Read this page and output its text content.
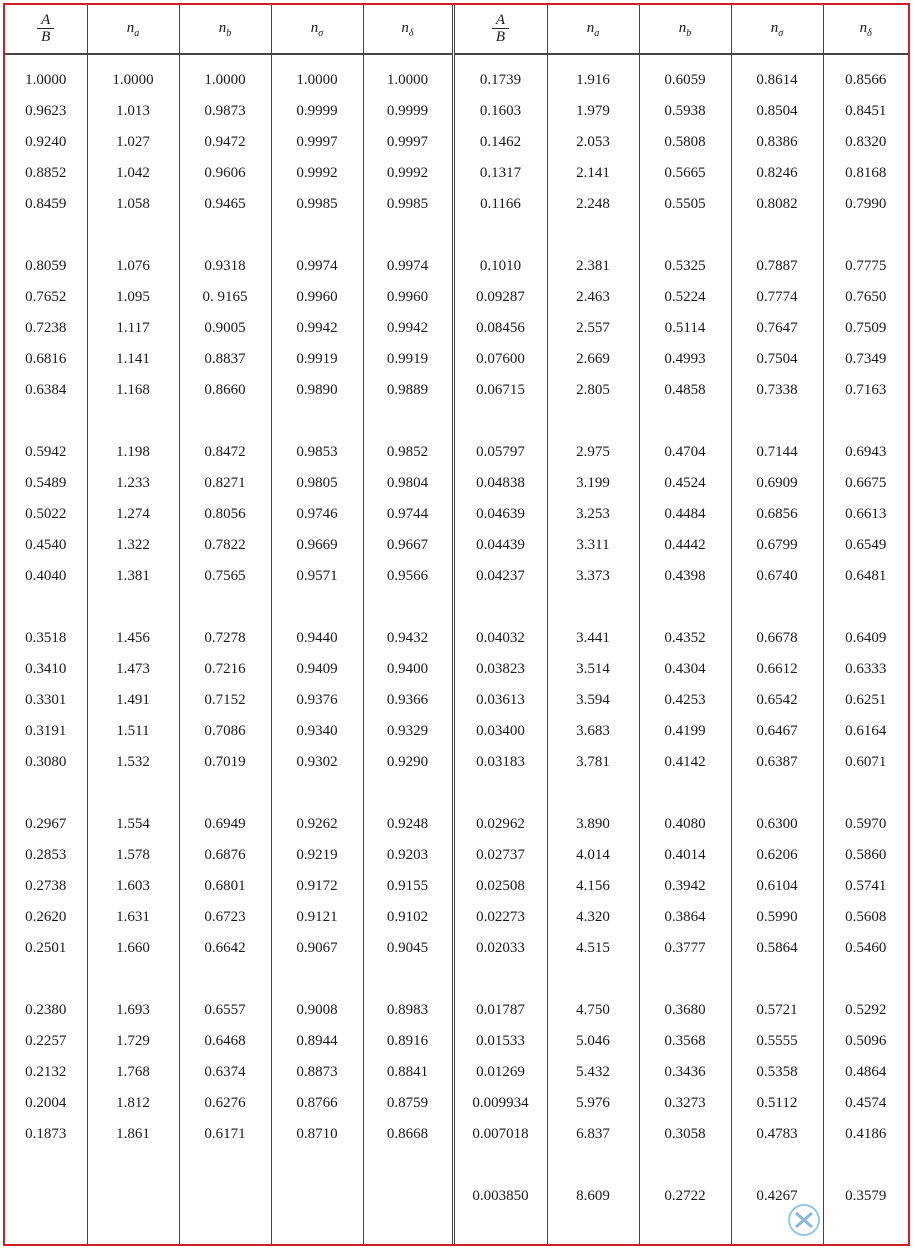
$\frac{A}{B}$	$n_a$	$n_b$	$n_\sigma$	$n_\delta$	$\frac{A}{B}$	$n_a$	$n_b$	$n_\sigma$	$n_\delta$
1.0000	1.0000	1.0000	1.0000	1.0000	0.1739	1.916	0.6059	0.8614	0.8566
0.9623	1.013	0.9873	0.9999	0.9999	0.1603	1.979	0.5938	0.8504	0.8451
0.9240	1.027	0.9472	0.9997	0.9997	0.1462	2.053	0.5808	0.8386	0.8320
0.8852	1.042	0.9606	0.9992	0.9992	0.1317	2.141	0.5665	0.8246	0.8168
0.8459	1.058	0.9465	0.9985	0.9985	0.1166	2.248	0.5505	0.8082	0.7990

0.8059	1.076	0.9318	0.9974	0.9974	0.1010	2.381	0.5325	0.7887	0.7775
0.7652	1.095	0. 9165	0.9960	0.9960	0.09287	2.463	0.5224	0.7774	0.7650
0.7238	1.117	0.9005	0.9942	0.9942	0.08456	2.557	0.5114	0.7647	0.7509
0.6816	1.141	0.8837	0.9919	0.9919	0.07600	2.669	0.4993	0.7504	0.7349
0.6384	1.168	0.8660	0.9890	0.9889	0.06715	2.805	0.4858	0.7338	0.7163

0.5942	1.198	0.8472	0.9853	0.9852	0.05797	2.975	0.4704	0.7144	0.6943
0.5489	1.233	0.8271	0.9805	0.9804	0.04838	3.199	0.4524	0.6909	0.6675
0.5022	1.274	0.8056	0.9746	0.9744	0.04639	3.253	0.4484	0.6856	0.6613
0.4540	1.322	0.7822	0.9669	0.9667	0.04439	3.311	0.4442	0.6799	0.6549
0.4040	1.381	0.7565	0.9571	0.9566	0.04237	3.373	0.4398	0.6740	0.6481

0.3518	1.456	0.7278	0.9440	0.9432	0.04032	3.441	0.4352	0.6678	0.6409
0.3410	1.473	0.7216	0.9409	0.9400	0.03823	3.514	0.4304	0.6612	0.6333
0.3301	1.491	0.7152	0.9376	0.9366	0.03613	3.594	0.4253	0.6542	0.6251
0.3191	1.511	0.7086	0.9340	0.9329	0.03400	3.683	0.4199	0.6467	0.6164
0.3080	1.532	0.7019	0.9302	0.9290	0.03183	3.781	0.4142	0.6387	0.6071

0.2967	1.554	0.6949	0.9262	0.9248	0.02962	3.890	0.4080	0.6300	0.5970
0.2853	1.578	0.6876	0.9219	0.9203	0.02737	4.014	0.4014	0.6206	0.5860
0.2738	1.603	0.6801	0.9172	0.9155	0.02508	4.156	0.3942	0.6104	0.5741
0.2620	1.631	0.6723	0.9121	0.9102	0.02273	4.320	0.3864	0.5990	0.5608
0.2501	1.660	0.6642	0.9067	0.9045	0.02033	4.515	0.3777	0.5864	0.5460

0.2380	1.693	0.6557	0.9008	0.8983	0.01787	4.750	0.3680	0.5721	0.5292
0.2257	1.729	0.6468	0.8944	0.8916	0.01533	5.046	0.3568	0.5555	0.5096
0.2132	1.768	0.6374	0.8873	0.8841	0.01269	5.432	0.3436	0.5358	0.4864
0.2004	1.812	0.6276	0.8766	0.8759	0.009934	5.976	0.3273	0.5112	0.4574
0.1873	1.861	0.6171	0.8710	0.8668	0.007018	6.837	0.3058	0.4783	0.4186

					0.003850	8.609	0.2722	0.4267	0.3579
